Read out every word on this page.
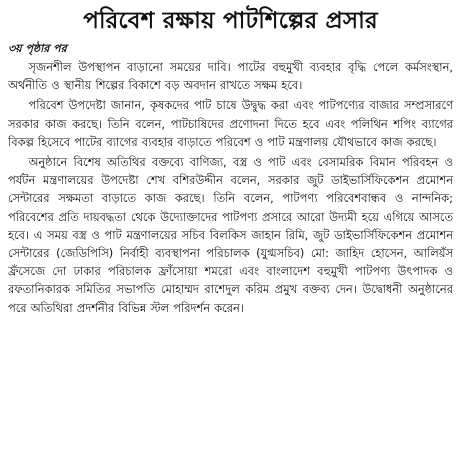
পরিবেশ রক্ষায় পাটশিল্পের প্রসার
৩য় পৃষ্ঠার পর

সৃজনশীল উপস্থাপন বাড়ানো সময়ের দাবি। পাটের বহুমুখী ব্যবহার বৃদ্ধি পেলে কর্মসংস্থান, অর্থনীতি ও স্থানীয় শিল্পের বিকাশে বড় অবদান রাখতে সক্ষম হবে।

পরিবেশ উপদেষ্টা জানান, কৃষকদের পাট চাষে উদ্বুদ্ধ করা এবং পাটপণ্যের বাজার সম্প্রসারণে সরকার কাজ করছে। তিনি বলেন, পাটচাষিদের প্রণোদনা দিতে হবে এবং পলিথিন শপিং ব্যাগের বিকল্প হিসেবে পাটের ব্যাগের ব্যবহার বাড়াতে পরিবেশ ও পাট মন্ত্রণালয় যৌথভাবে কাজ করছে।

অনুষ্ঠানে বিশেষ অতিথির বক্তব্যে বাণিজ্য, বস্ত্র ও পাট এবং বেসামরিক বিমান পরিবহন ও পর্যটন মন্ত্রণালয়ের উপদেষ্টা শেখ বশিরউদ্দীন বলেন, সরকার জুট ডাইভার্সিফিকেশন প্রমোশন সেন্টারের সক্ষমতা বাড়াতে কাজ করছে। তিনি বলেন, পাটপণ্য পরিবেশবান্ধব ও নান্দনিক; পরিবেশের প্রতি দায়বদ্ধতা থেকে উদ্যোক্তাদের পাটপণ্য প্রসারে আরো উদ্যমী হয়ে এগিয়ে আসতে হবে। এ সময় বস্ত্র ও পাট মন্ত্রণালয়ের সচিব বিলকিস জাহান রিমি, জুট ডাইভার্সিফিকেশন প্রমোশন সেন্টারের (জেডিপিসি) নির্বাহী ব্যবস্থাপনা পরিচালক (যুগ্মসচিব) মো: জাহিদ হোসেন, আলিয়ঁস ফ্রঁসেজে দো ঢাকার পরিচালক ফ্রাঁসোয়া শমরো এবং বাংলাদেশ বহুমুখী পাটপণ্য উৎপাদক ও রফতানিকারক সমিতির সভাপতি মোহাম্মদ রাশেদুল করিম প্রমুখ বক্তব্য দেন। উদ্বোধনী অনুষ্ঠানের পরে অতিথিরা প্রদর্শনীর বিভিন্ন স্টল পরিদর্শন করেন।
